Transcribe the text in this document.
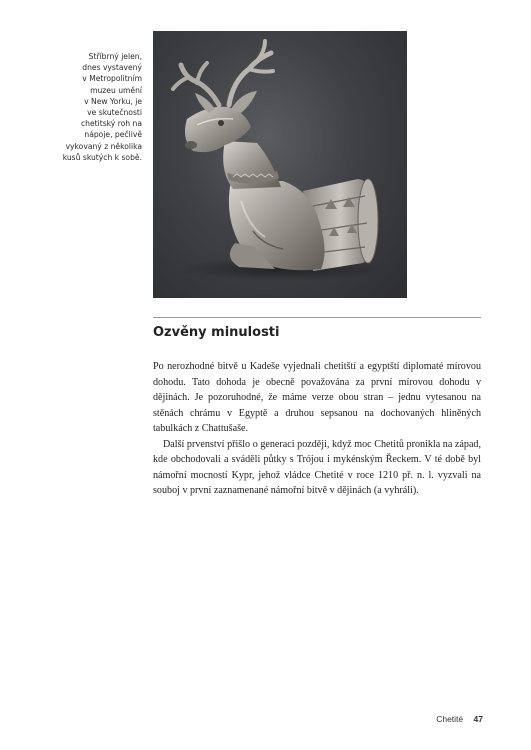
Stříbrný jelen,
dnes vystavený
v Metropolitním
muzeu umění
v New Yorku, je
ve skutečnosti
chetitský roh na
nápoje, pečlivě
vykovaný z několika
kusů skutých k sobě.
Ozvěny minulosti

Po nerozhodné bitvě u Kadeše vyjednali chetitští a egyptští diplomaté mírovou dohodu. Tato dohoda je obecně považována za první mírovou dohodu v dějinách. Je pozoruhodné, že máme verze obou stran – jednu vytesanou na stěnách chrámu v Egyptě a druhou sepsanou na dochovaných hliněných tabulkách z Chattušaše.

Další prvenství přišlo o generaci později, když moc Chetitů pronikla na západ, kde obchodovali a sváděli půtky s Trójou i mykénským Řeckem. V té době byl námořní mocností Kypr, jehož vládce Chetité v roce 1210 př. n. l. vyzvali na souboj v první zaznamenané námořní bitvě v dějinách (a vyhráli).

Chetité 47
